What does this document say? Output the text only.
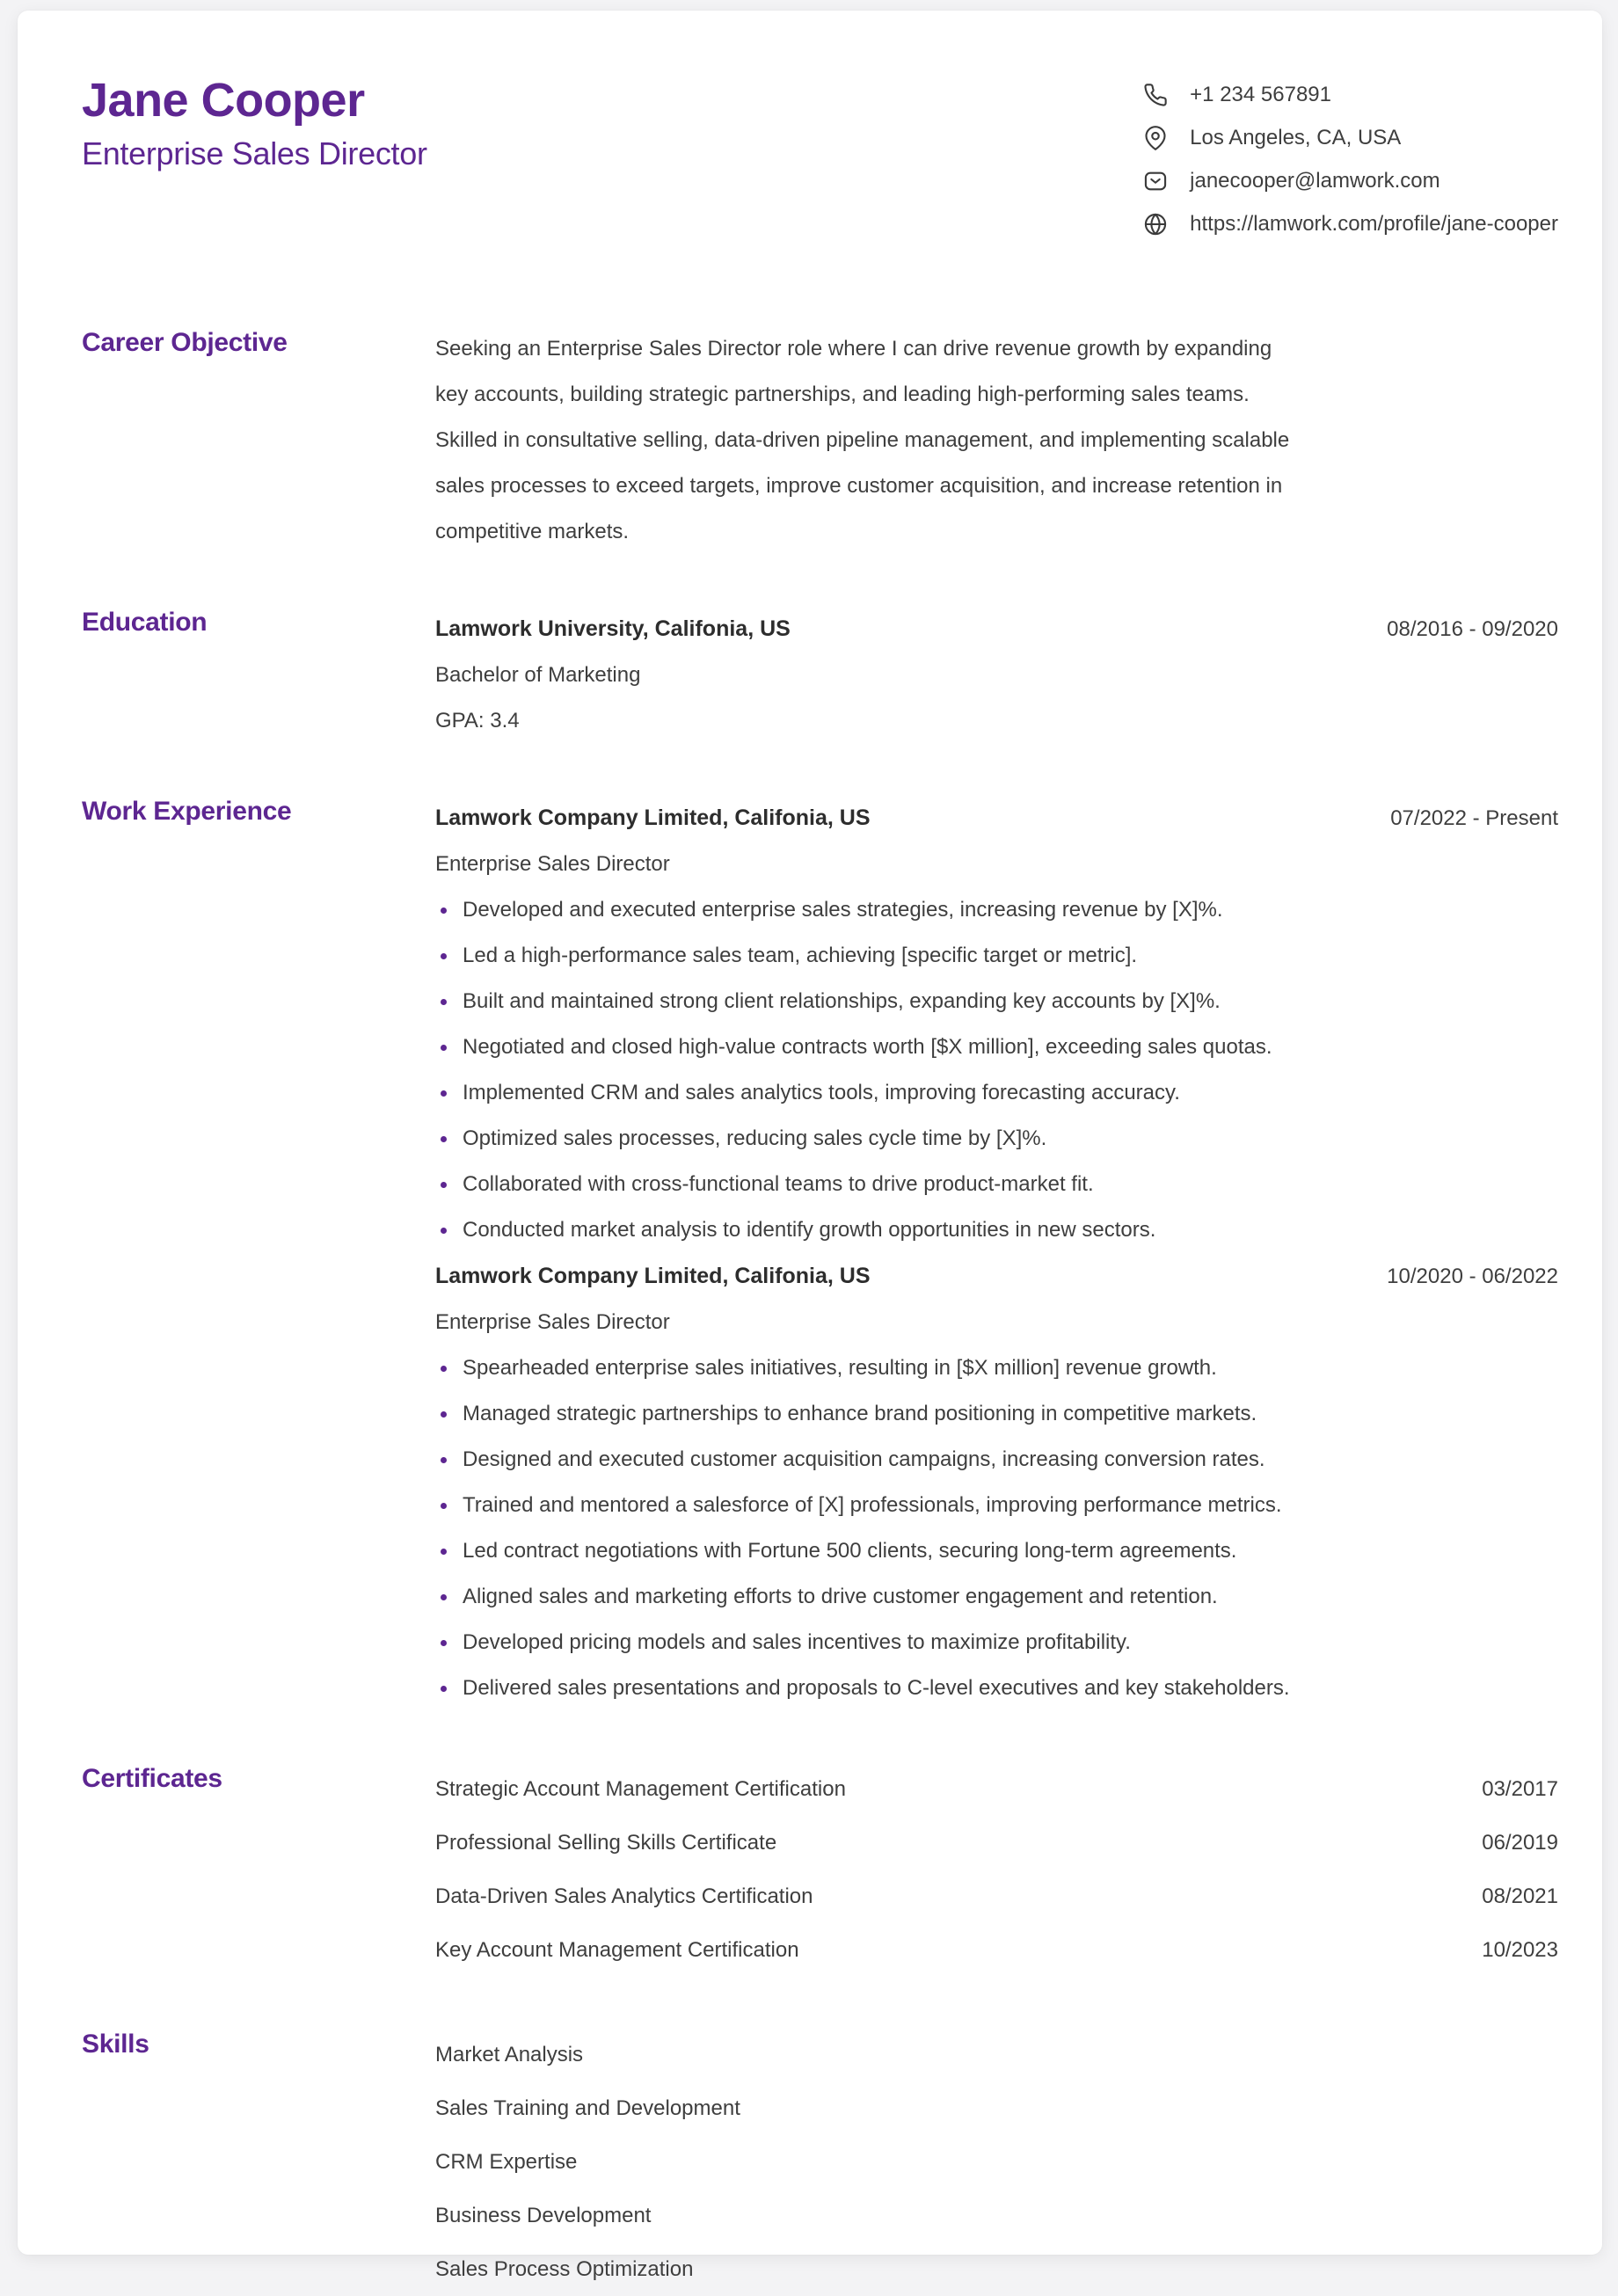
Jane Cooper
Enterprise Sales Director
+1 234 567891
Los Angeles, CA, USA
janecooper@lamwork.com
https://lamwork.com/profile/jane-cooper
Career Objective	Seeking an Enterprise Sales Director role where I can drive revenue growth by expanding key accounts, building strategic partnerships, and leading high-performing sales teams. Skilled in consultative selling, data-driven pipeline management, and implementing scalable sales processes to exceed targets, improve customer acquisition, and increase retention in competitive markets.

Education	Lamwork University, Califonia, US	08/2016 - 09/2020
Bachelor of Marketing
GPA: 3.4
Work Experience	Lamwork Company Limited, Califonia, US	07/2022 - Present
Enterprise Sales Director
Developed and executed enterprise sales strategies, increasing revenue by [X]%.
Led a high-performance sales team, achieving [specific target or metric].
Built and maintained strong client relationships, expanding key accounts by [X]%.
Negotiated and closed high-value contracts worth [$X million], exceeding sales quotas.
Implemented CRM and sales analytics tools, improving forecasting accuracy.
Optimized sales processes, reducing sales cycle time by [X]%.
Collaborated with cross-functional teams to drive product-market fit.
Conducted market analysis to identify growth opportunities in new sectors.
Lamwork Company Limited, Califonia, US	10/2020 - 06/2022
Enterprise Sales Director
Spearheaded enterprise sales initiatives, resulting in [$X million] revenue growth.
Managed strategic partnerships to enhance brand positioning in competitive markets.
Designed and executed customer acquisition campaigns, increasing conversion rates.
Trained and mentored a salesforce of [X] professionals, improving performance metrics.
Led contract negotiations with Fortune 500 clients, securing long-term agreements.
Aligned sales and marketing efforts to drive customer engagement and retention.
Developed pricing models and sales incentives to maximize profitability.
Delivered sales presentations and proposals to C-level executives and key stakeholders.
Certificates	Strategic Account Management Certification	03/2017
Professional Selling Skills Certificate	06/2019
Data-Driven Sales Analytics Certification	08/2021
Key Account Management Certification	10/2023
Skills	Market Analysis
Sales Training and Development
CRM Expertise
Business Development
Sales Process Optimization
